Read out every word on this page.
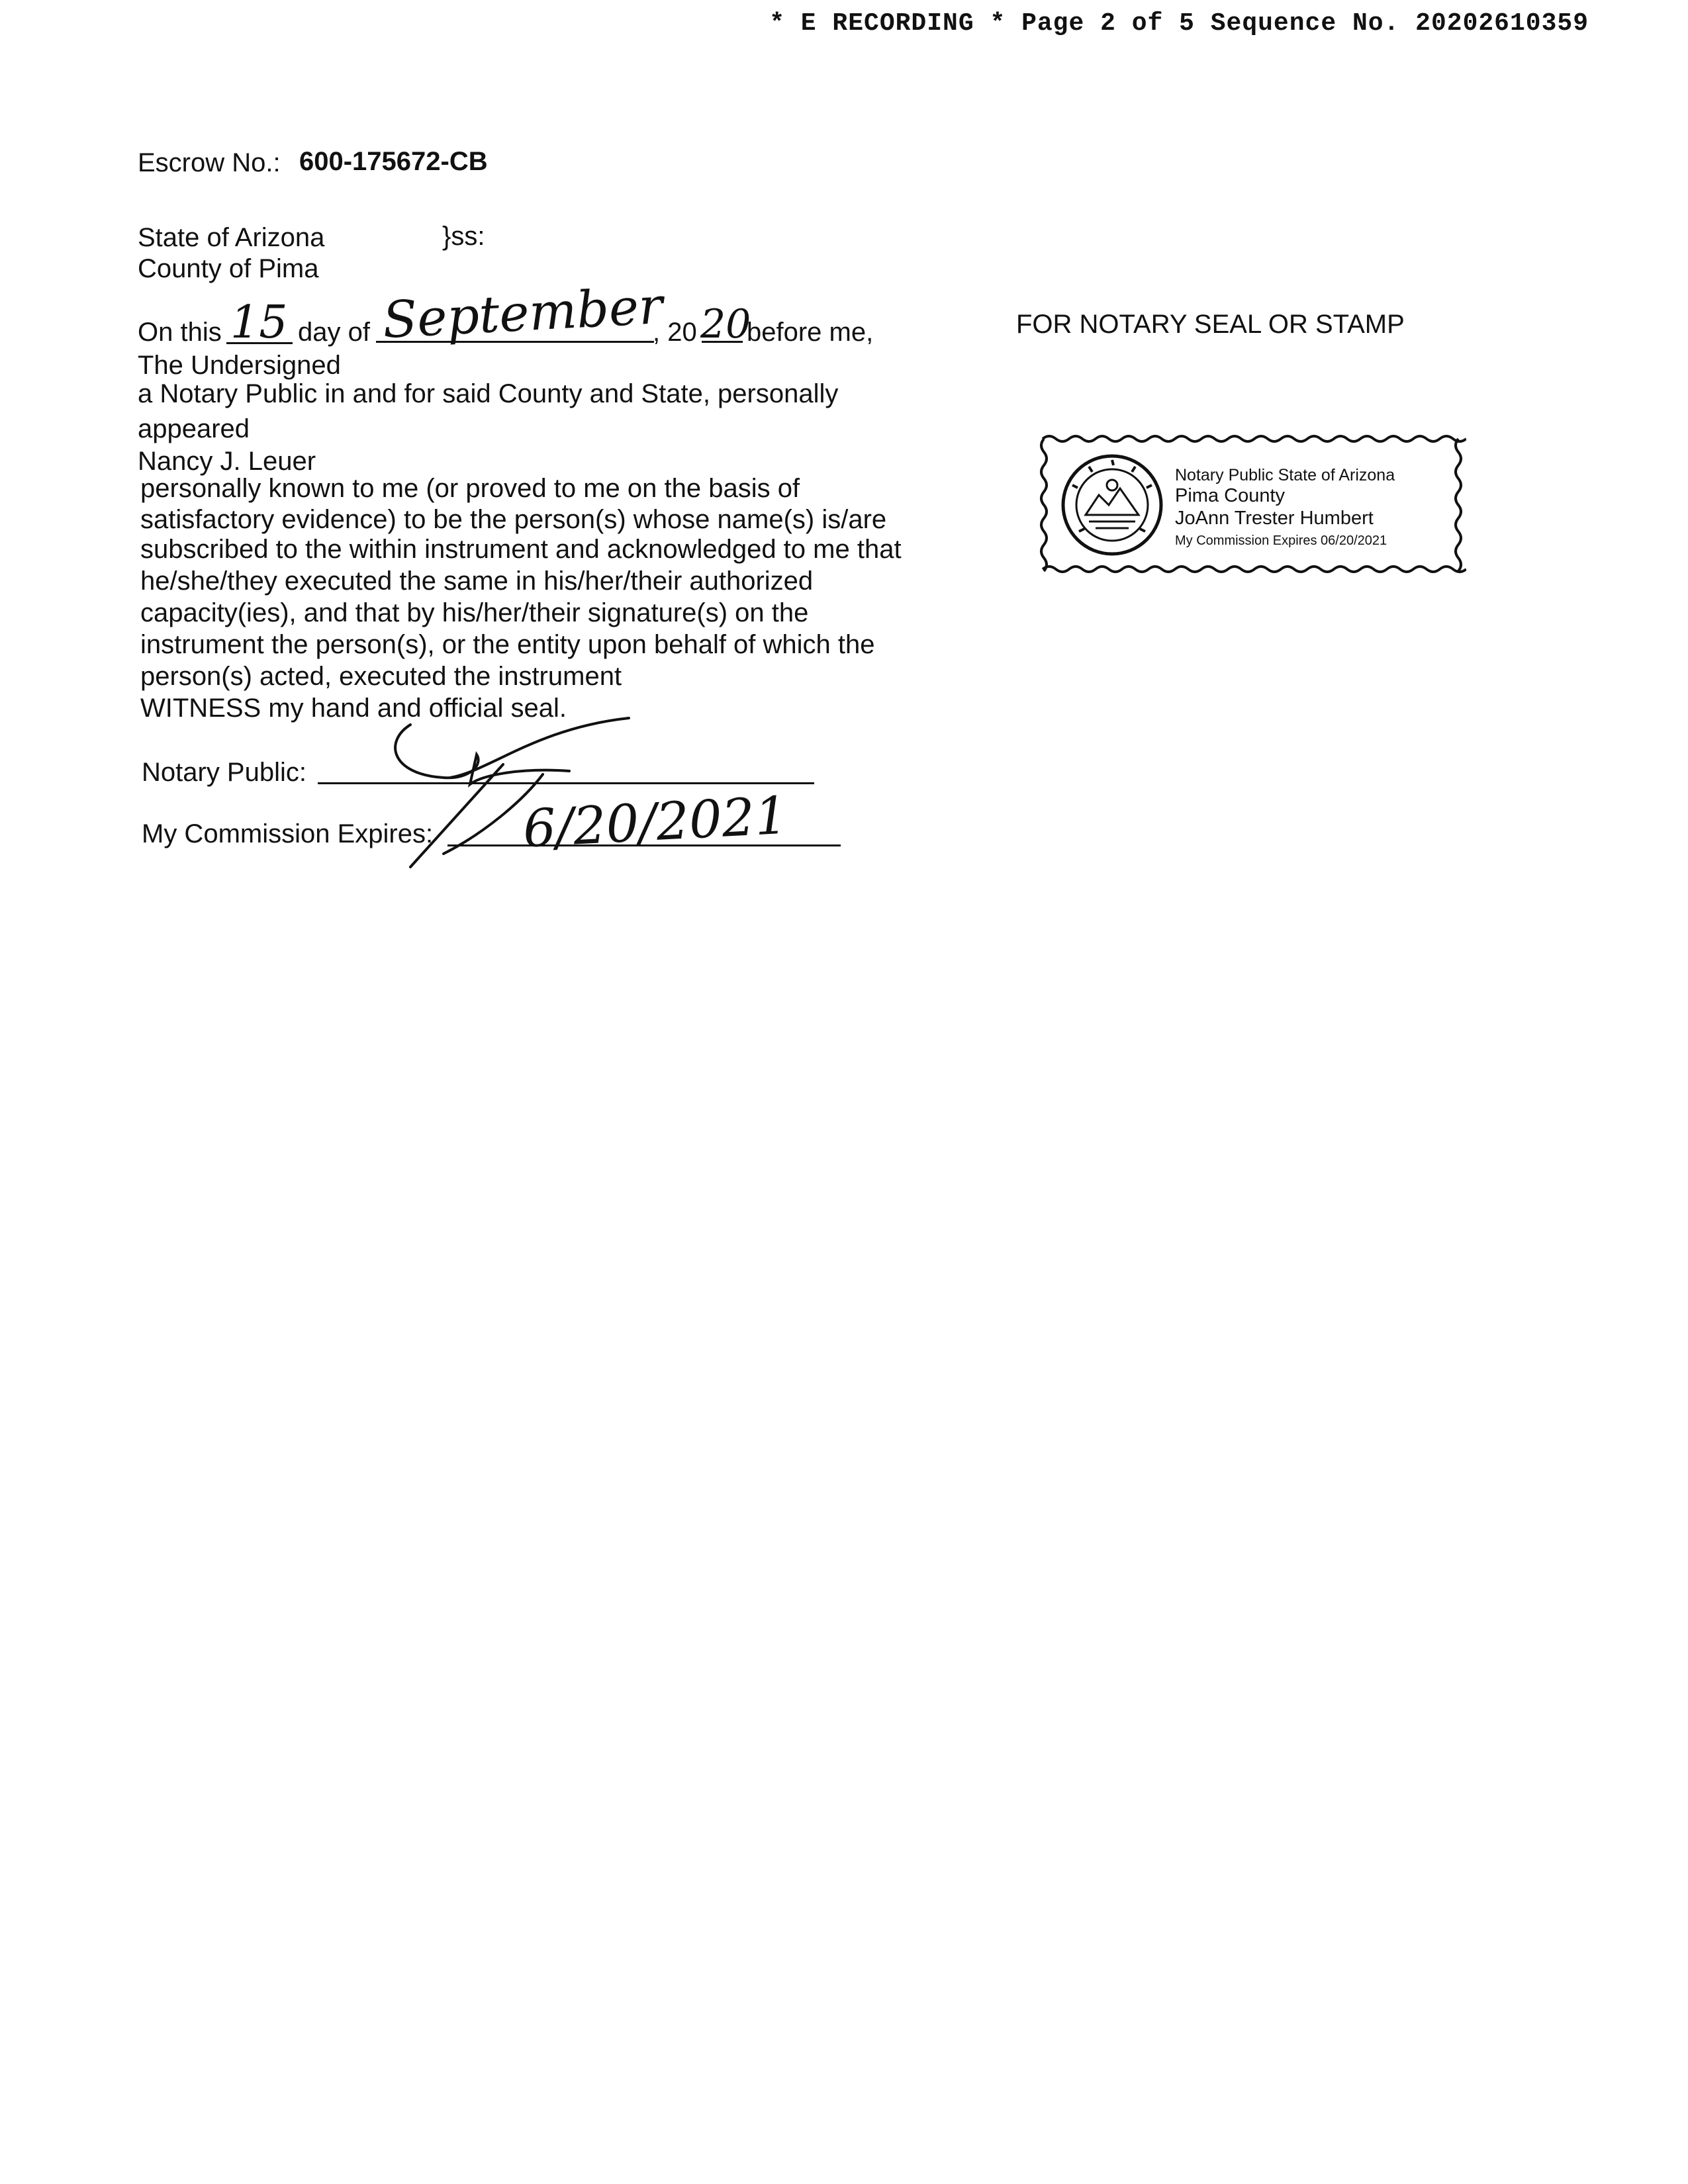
* E RECORDING * Page 2 of 5 Sequence No. 20202610359
Escrow No.: 600-175672-CB
State of Arizona	}ss:
County of Pima
On this 15 day of September
, 20 20
before me,
The Undersigned
a Notary Public in and for said County and State, personally
appeared
Nancy J. Leuer
personally known to me (or proved to me on the basis of
satisfactory evidence) to be the person(s) whose name(s) is/are
subscribed to the within instrument and acknowledged to me that
he/she/they executed the same in his/her/their authorized
capacity(ies), and that by his/her/their signature(s) on the
instrument the person(s), or the entity upon behalf of which the
person(s) acted, executed the instrument
WITNESS my hand and official seal.
Notary Public:
My Commission Expires: 6/20/2021
FOR NOTARY SEAL OR STAMP
Notary Public State of Arizona
Pima County
JoAnn Trester Humbert
My Commission Expires 06/20/2021
